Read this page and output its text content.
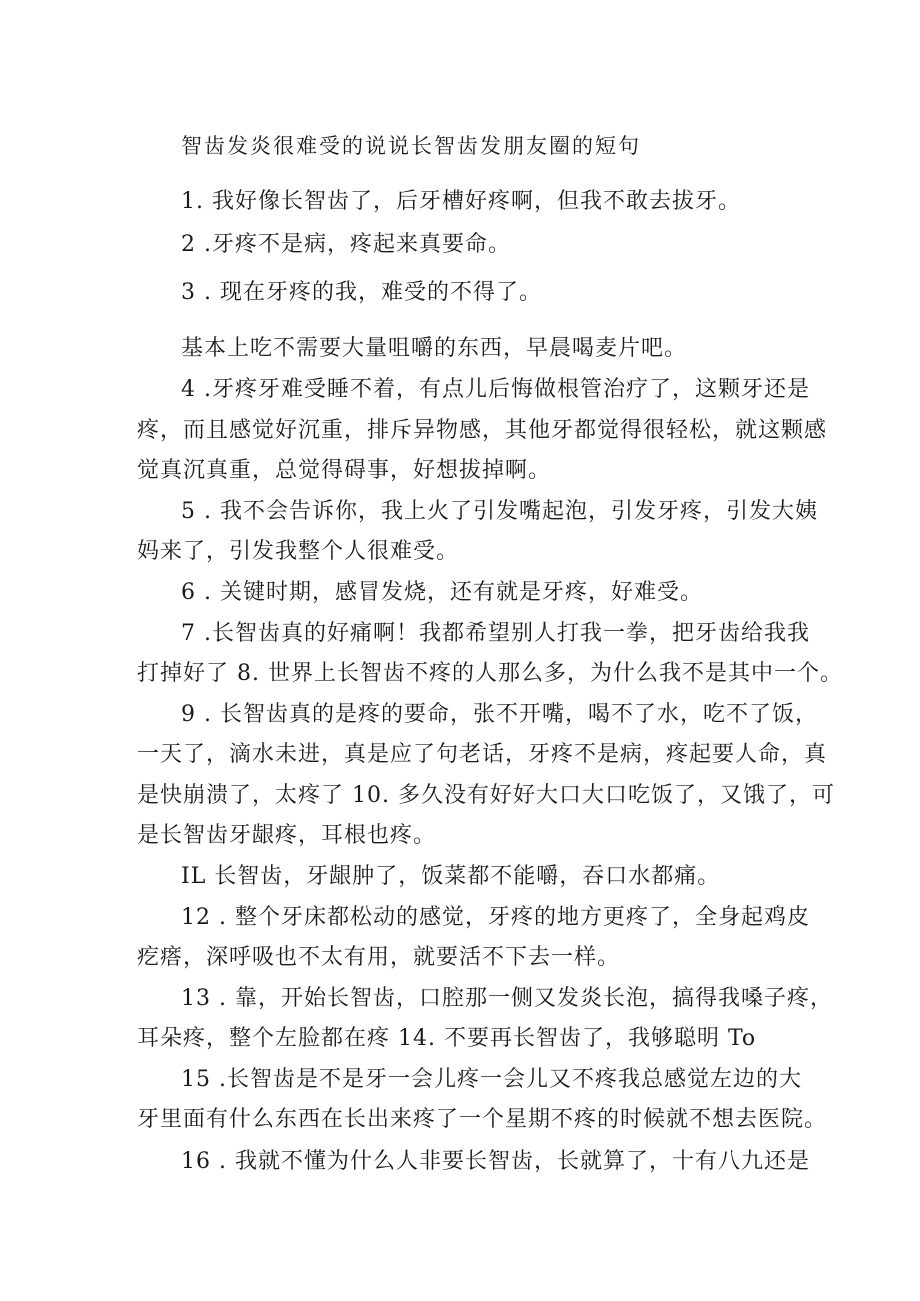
智齿发炎很难受的说说长智齿发朋友圈的短句
1. 我好像长智齿了，后牙槽好疼啊，但我不敢去拔牙。
2 .牙疼不是病，疼起来真要命。
3 . 现在牙疼的我，难受的不得了。
基本上吃不需要大量咀嚼的东西，早晨喝麦片吧。
4 .牙疼牙难受睡不着，有点儿后悔做根管治疗了，这颗牙还是
疼，而且感觉好沉重，排斥异物感，其他牙都觉得很轻松，就这颗感
觉真沉真重，总觉得碍事，好想拔掉啊。
5 . 我不会告诉你，我上火了引发嘴起泡，引发牙疼，引发大姨
妈来了，引发我整个人很难受。
6 . 关键时期，感冒发烧，还有就是牙疼，好难受。
7 .长智齿真的好痛啊！我都希望别人打我一拳，把牙齿给我我
打掉好了 8. 世界上长智齿不疼的人那么多，为什么我不是其中一个。
9 . 长智齿真的是疼的要命，张不开嘴，喝不了水，吃不了饭，
一天了，滴水未进，真是应了句老话，牙疼不是病，疼起要人命，真
是快崩溃了，太疼了 10. 多久没有好好大口大口吃饭了，又饿了，可
是长智齿牙龈疼，耳根也疼。
IL 长智齿，牙龈肿了，饭菜都不能嚼，吞口水都痛。
12 . 整个牙床都松动的感觉，牙疼的地方更疼了，全身起鸡皮
疙瘩，深呼吸也不太有用，就要活不下去一样。
13 . 靠，开始长智齿，口腔那一侧又发炎长泡，搞得我嗓子疼，
耳朵疼，整个左脸都在疼 14. 不要再长智齿了，我够聪明 To
15 .长智齿是不是牙一会儿疼一会儿又不疼我总感觉左边的大
牙里面有什么东西在长出来疼了一个星期不疼的时候就不想去医院。
16 . 我就不懂为什么人非要长智齿，长就算了，十有八九还是
